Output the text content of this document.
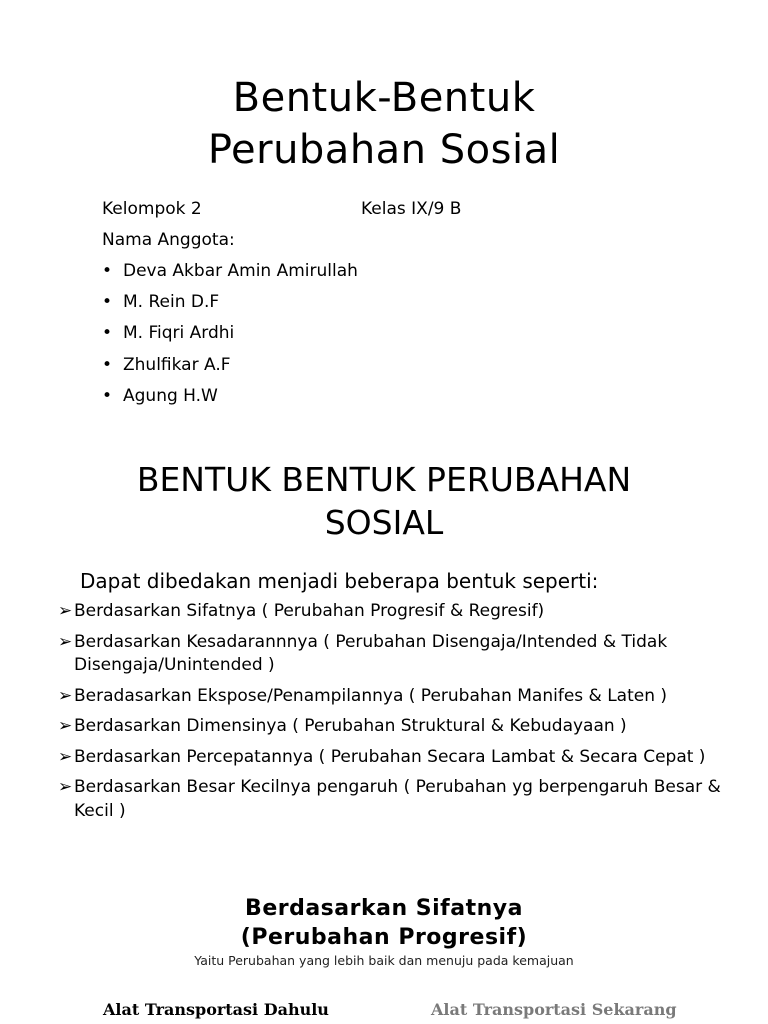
Bentuk-Bentuk
Perubahan Sosial
Kelompok 2	Kelas IX/9 B
Nama Anggota:
• Deva Akbar Amin Amirullah
• M. Rein D.F
• M. Fiqri Ardhi
• Zhulfikar A.F
• Agung H.W
BENTUK BENTUK PERUBAHAN
SOSIAL
Dapat dibedakan menjadi beberapa bentuk seperti:
➢ Berdasarkan Sifatnya ( Perubahan Progresif & Regresif)
➢ Berdasarkan Kesadarannnya ( Perubahan Disengaja/Intended & Tidak Disengaja/Unintended )
➢ Beradasarkan Ekspose/Penampilannya ( Perubahan Manifes & Laten )
➢ Berdasarkan Dimensinya ( Perubahan Struktural & Kebudayaan )
➢ Berdasarkan Percepatannya ( Perubahan Secara Lambat & Secara Cepat )
➢ Berdasarkan Besar Kecilnya pengaruh ( Perubahan yg berpengaruh Besar & Kecil )
Berdasarkan Sifatnya
(Perubahan Progresif)
Yaitu Perubahan yang lebih baik dan menuju pada kemajuan
Alat Transportasi Dahulu	Alat Transportasi Sekarang
